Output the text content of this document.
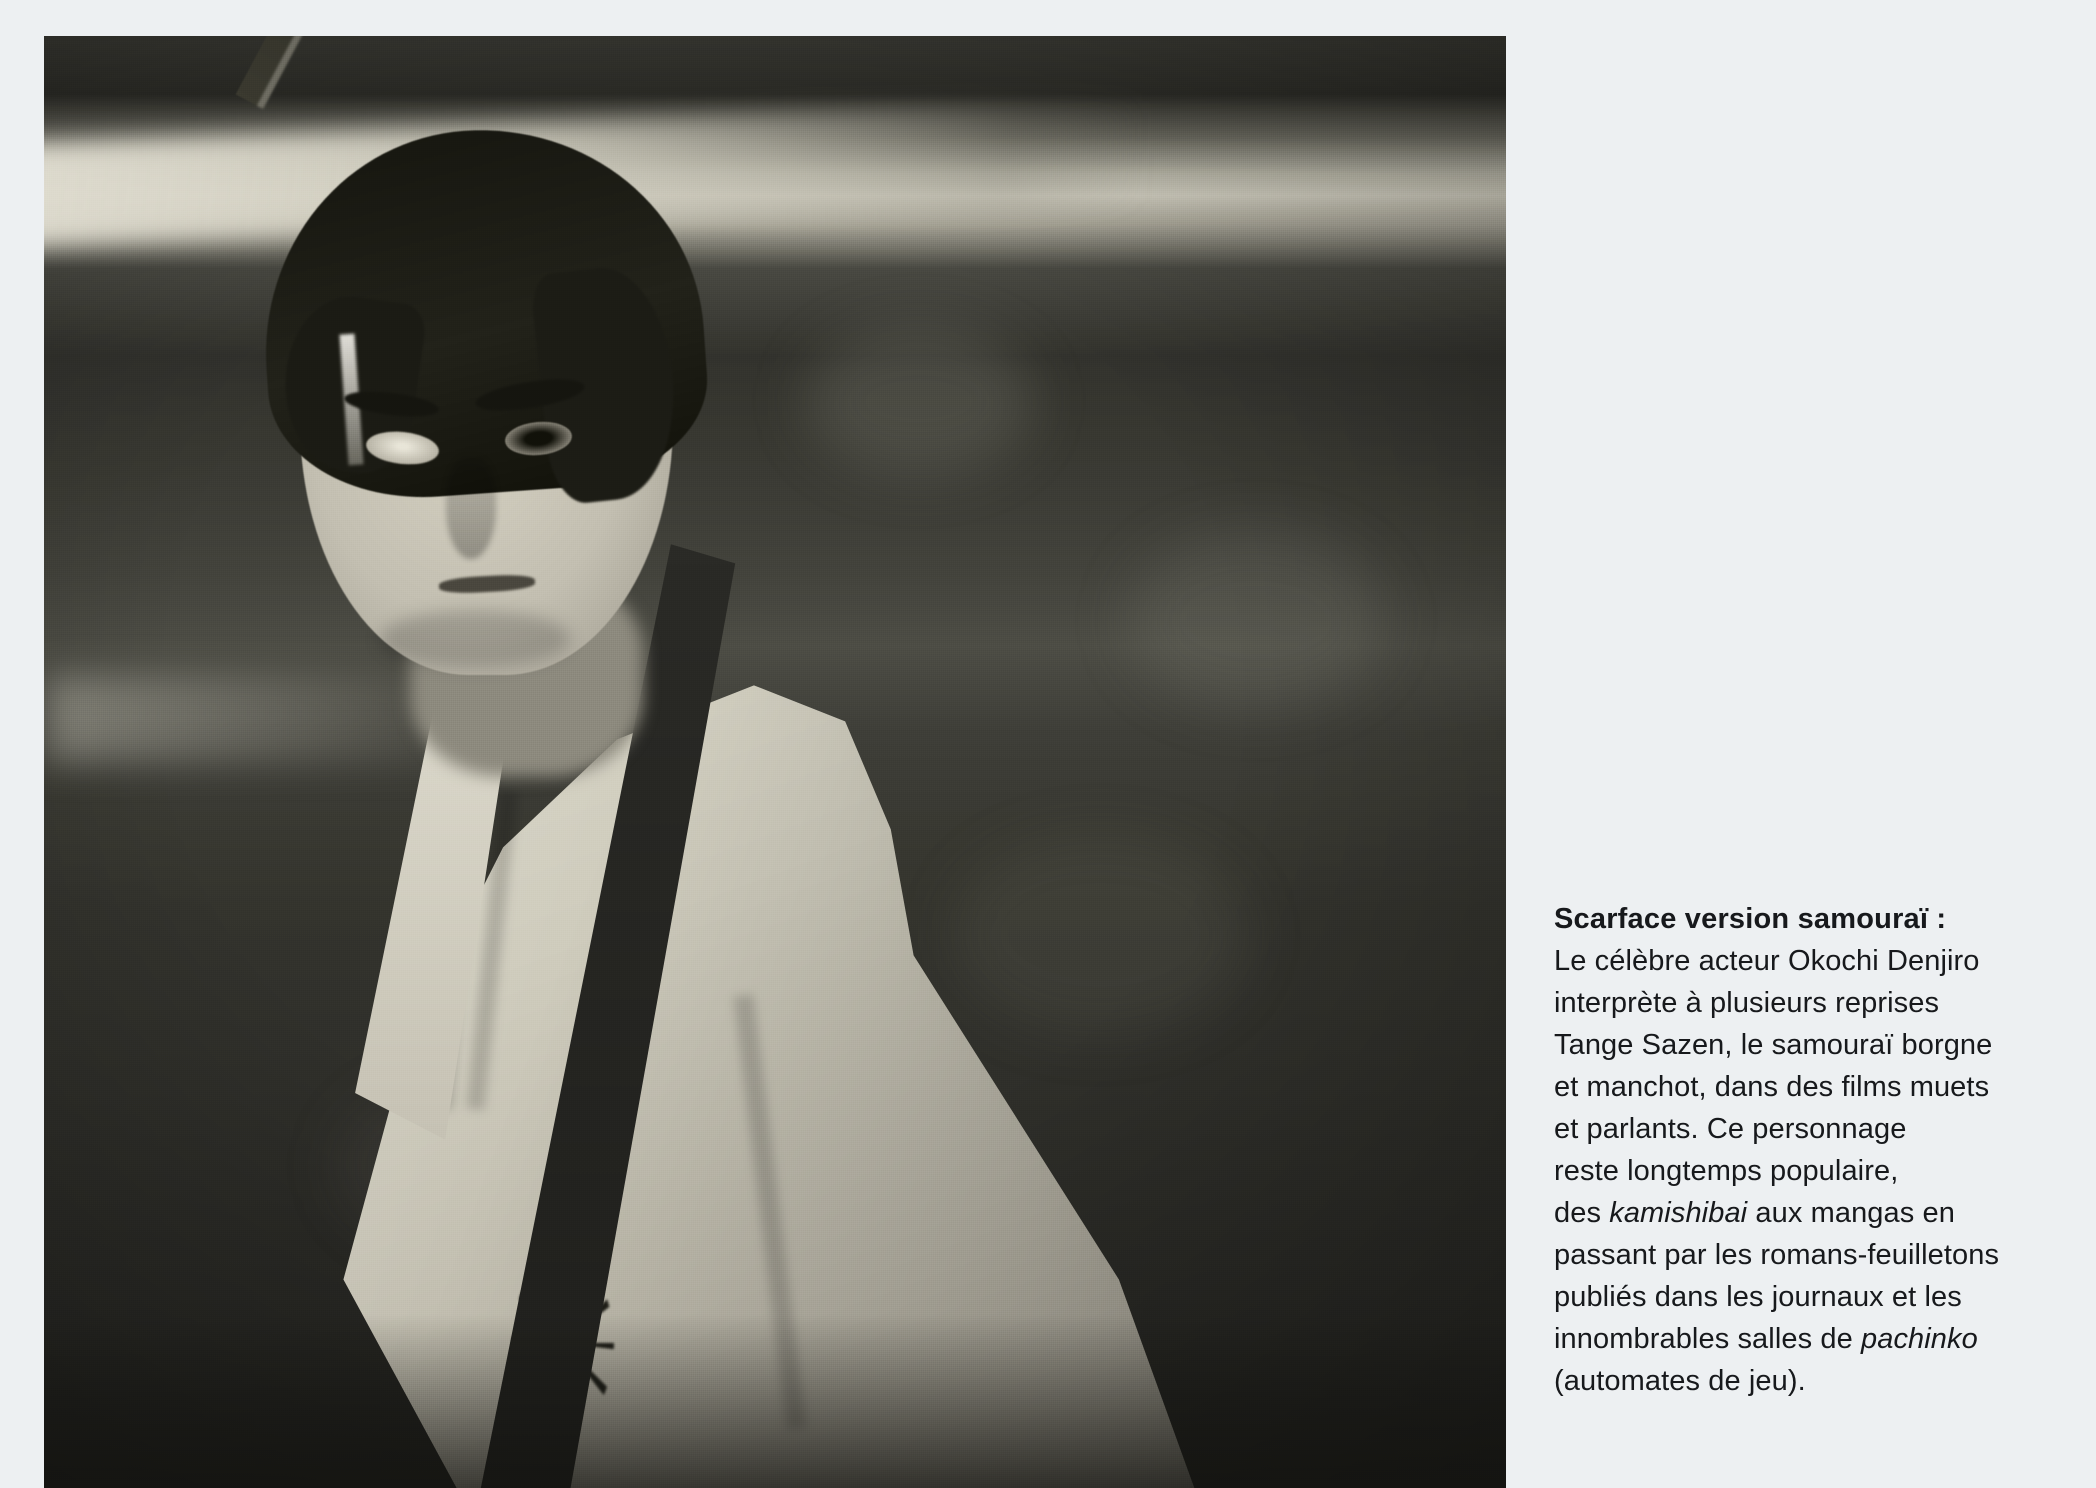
Scarface version samouraï :

Le célèbre acteur Okochi Denjiro

interprète à plusieurs reprises

Tange Sazen, le samouraï borgne

et manchot, dans des films muets

et parlants. Ce personnage

reste longtemps populaire,

des kamishibai aux mangas en

passant par les romans-feuilletons

publiés dans les journaux et les

innombrables salles de pachinko

(automates de jeu).
